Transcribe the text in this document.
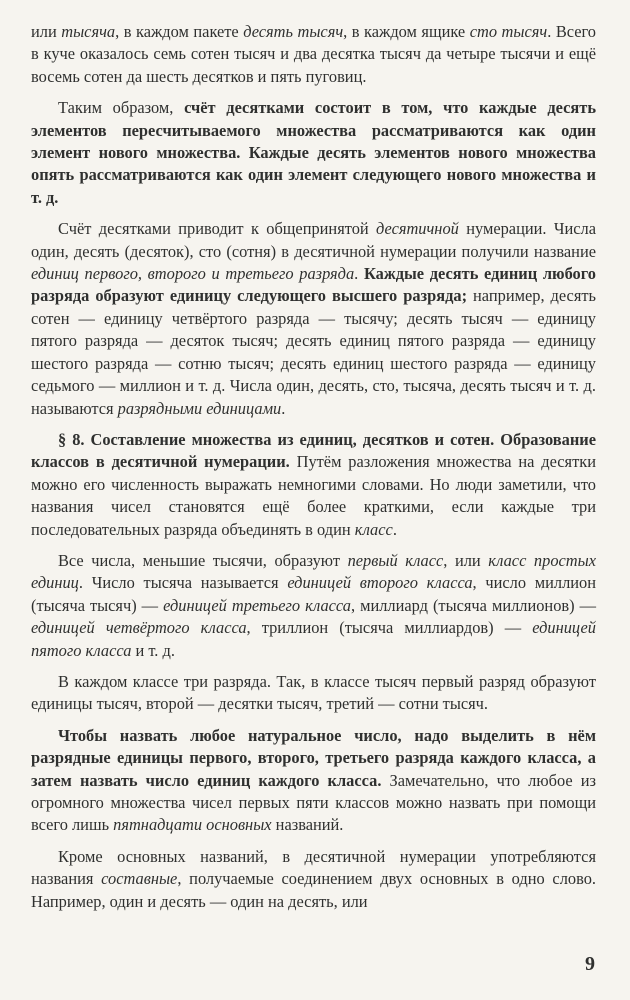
или тысяча, в каждом пакете десять тысяч, в каждом ящике сто тысяч. Всего в куче оказалось семь сотен тысяч и два десятка тысяч да четыре тысячи и ещё восемь сотен да шесть десятков и пять пуговиц.

Таким образом, счёт десятками состоит в том, что каждые десять элементов пересчитываемого множества рассматриваются как один элемент нового множества. Каждые десять элементов нового множества опять рассматриваются как один элемент следующего нового множества и т. д.

Счёт десятками приводит к общепринятой десятичной нумерации. Числа один, десять (десяток), сто (сотня) в десятичной нумерации получили название единиц первого, второго и третьего разряда. Каждые десять единиц любого разряда образуют единицу следующего высшего разряда; например, десять сотен — единицу четвёртого разряда — тысячу; десять тысяч — единицу пятого разряда — десяток тысяч; десять единиц пятого разряда — единицу шестого разряда — сотню тысяч; десять единиц шестого разряда — единицу седьмого — миллион и т. д. Числа один, десять, сто, тысяча, десять тысяч и т. д. называются разрядными единицами.

§ 8. Составление множества из единиц, десятков и сотен. Образование классов в десятичной нумерации. Путём разложения множества на десятки можно его численность выражать немногими словами. Но люди заметили, что названия чисел становятся ещё более краткими, если каждые три последовательных разряда объединять в один класс.

Все числа, меньшие тысячи, образуют первый класс, или класс простых единиц. Число тысяча называется единицей второго класса, число миллион (тысяча тысяч) — единицей третьего класса, миллиард (тысяча миллионов) — единицей четвёртого класса, триллион (тысяча миллиардов) — единицей пятого класса и т. д.

В каждом классе три разряда. Так, в классе тысяч первый разряд образуют единицы тысяч, второй — десятки тысяч, третий — сотни тысяч.

Чтобы назвать любое натуральное число, надо выделить в нём разрядные единицы первого, второго, третьего разряда каждого класса, а затем назвать число единиц каждого класса. Замечательно, что любое из огромного множества чисел первых пяти классов можно назвать при помощи всего лишь пятнадцати основных названий.

Кроме основных названий, в десятичной нумерации употребляются названия составные, получаемые соединением двух основных в одно слово. Например, один и десять — один на десять, или

9
